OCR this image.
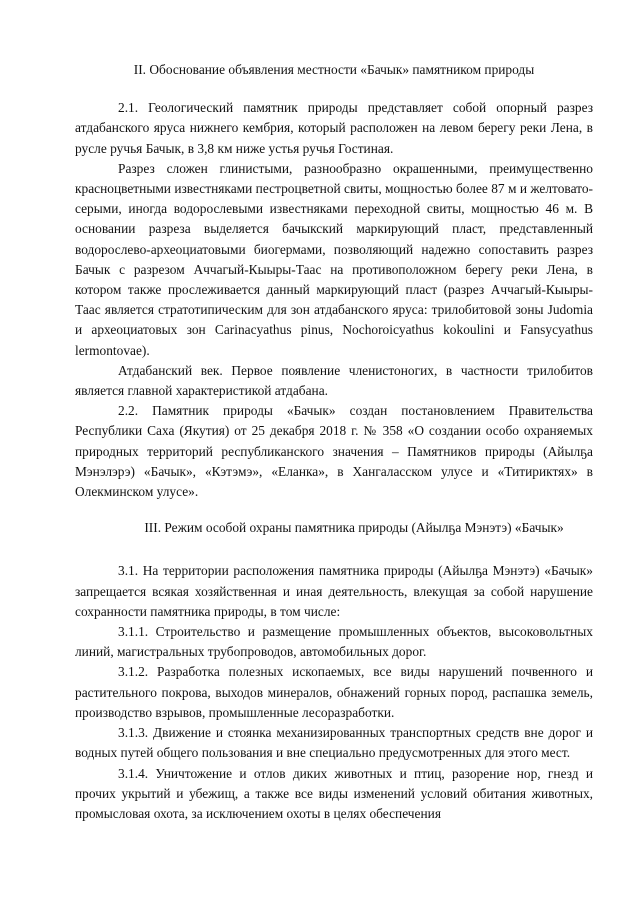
II. Обоснование объявления местности «Бачык» памятником природы

2.1. Геологический памятник природы представляет собой опорный разрез атдабанского яруса нижнего кембрия, который расположен на левом берегу реки Лена, в русле ручья Бачык, в 3,8 км ниже устья ручья Гостиная.

Разрез сложен глинистыми, разнообразно окрашенными, преимущественно красноцветными известняками пестроцветной свиты, мощностью более 87 м и желтовато-серыми, иногда водорослевыми известняками переходной свиты, мощностью 46 м. В основании разреза выделяется бачыкский маркирующий пласт, представленный водорослево-археоциатовыми биогермами, позволяющий надежно сопоставить разрез Бачык с разрезом Аччагый-Кыыры-Таас на противоположном берегу реки Лена, в котором также прослеживается данный маркирующий пласт (разрез Аччагый-Кыыры-Таас является стратотипическим для зон атдабанского яруса: трилобитовой зоны Judomia и археоциатовых зон Carinacyathus pinus, Nochoroicyathus kokoulini и Fansycyathus lermontovae).

Атдабанский век. Первое появление членистоногих, в частности трилобитов является главной характеристикой атдабана.

2.2. Памятник природы «Бачык» создан постановлением Правительства Республики Саха (Якутия) от 25 декабря 2018 г. № 358 «О создании особо охраняемых природных территорий республиканского значения – Памятников природы (Айылҕа Мэнэлэрэ) «Бачык», «Кэтэмэ», «Еланка», в Хангаласском улусе и «Титириктях» в Олекминском улусе».

III. Режим особой охраны памятника природы (Айылҕа Мэнэтэ) «Бачык»

3.1. На территории расположения памятника природы (Айылҕа Мэнэтэ) «Бачык» запрещается всякая хозяйственная и иная деятельность, влекущая за собой нарушение сохранности памятника природы, в том числе:

3.1.1. Строительство и размещение промышленных объектов, высоковольтных линий, магистральных трубопроводов, автомобильных дорог.

3.1.2. Разработка полезных ископаемых, все виды нарушений почвенного и растительного покрова, выходов минералов, обнажений горных пород, распашка земель, производство взрывов, промышленные лесоразработки.

3.1.3. Движение и стоянка механизированных транспортных средств вне дорог и водных путей общего пользования и вне специально предусмотренных для этого мест.

3.1.4. Уничтожение и отлов диких животных и птиц, разорение нор, гнезд и прочих укрытий и убежищ, а также все виды изменений условий обитания животных, промысловая охота, за исключением охоты в целях обеспечения
